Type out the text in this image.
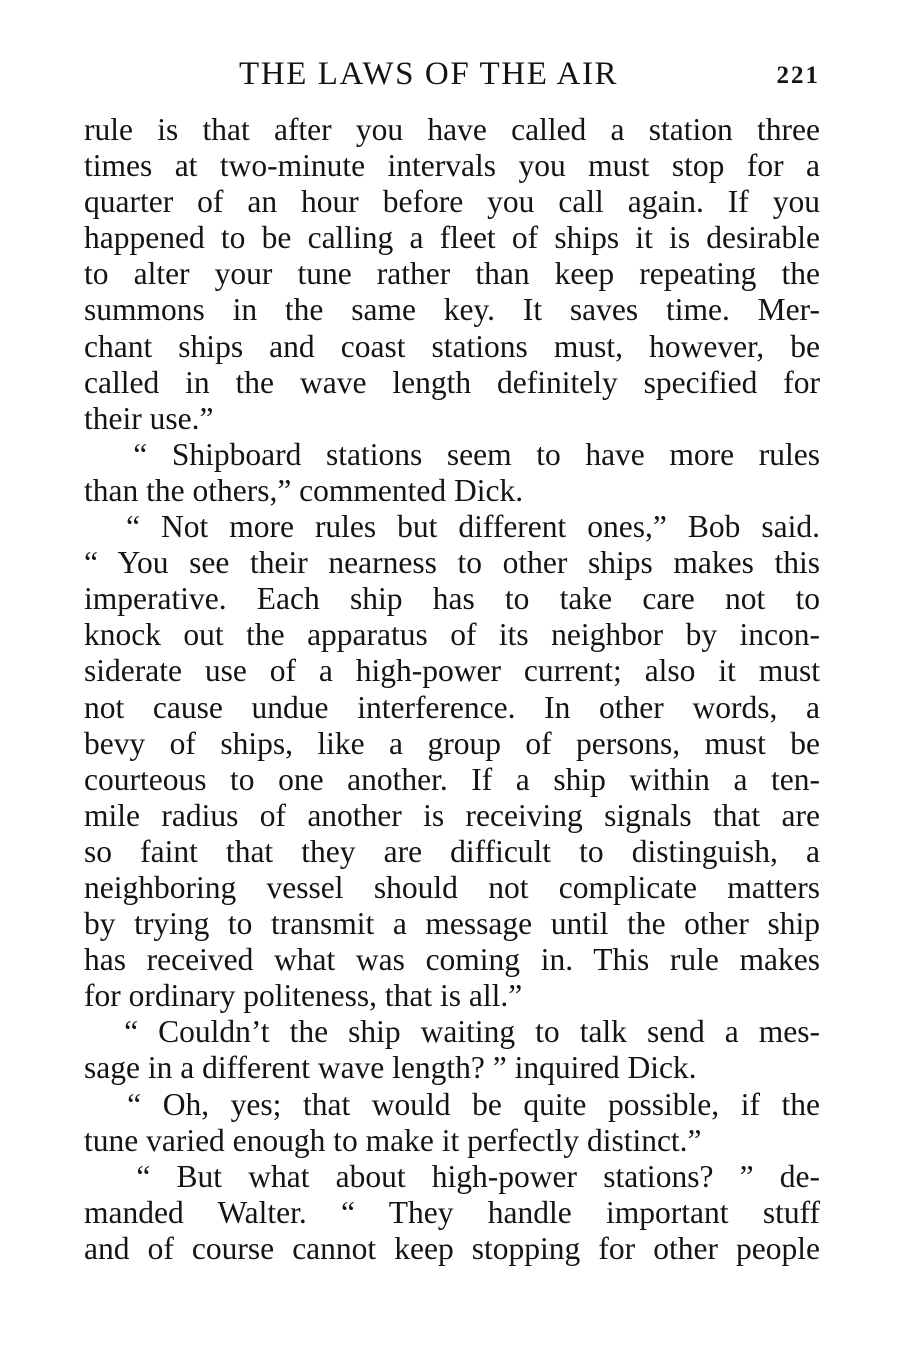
THE LAWS OF THE AIR	221
rule is that after you have called a station three
times at two-minute intervals you must stop for a
quarter of an hour before you call again. If you
happened to be calling a fleet of ships it is desirable
to alter your tune rather than keep repeating the
summons in the same key. It saves time. Mer-
chant ships and coast stations must, however, be
called in the wave length definitely specified for
their use.”
“ Shipboard stations seem to have more rules
than the others,” commented Dick.
“ Not more rules but different ones,” Bob said.
“ You see their nearness to other ships makes this
imperative. Each ship has to take care not to
knock out the apparatus of its neighbor by incon-
siderate use of a high-power current; also it must
not cause undue interference. In other words, a
bevy of ships, like a group of persons, must be
courteous to one another. If a ship within a ten-
mile radius of another is receiving signals that are
so faint that they are difficult to distinguish, a
neighboring vessel should not complicate matters
by trying to transmit a message until the other ship
has received what was coming in. This rule makes
for ordinary politeness, that is all.”
“ Couldn’t the ship waiting to talk send a mes-
sage in a different wave length? ” inquired Dick.
“ Oh, yes; that would be quite possible, if the
tune varied enough to make it perfectly distinct.”
“ But what about high-power stations? ” de-
manded Walter. “ They handle important stuff
and of course cannot keep stopping for other people
